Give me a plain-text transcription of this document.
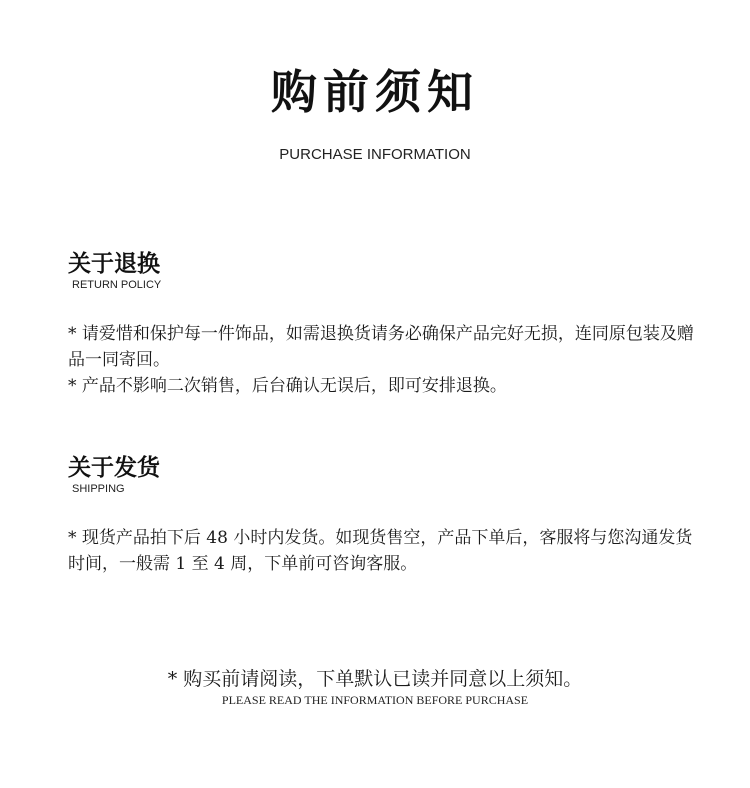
购前须知
PURCHASE INFORMATION
关于退换
RETURN POLICY

* 请爱惜和保护每一件饰品，如需退换货请务必确保产品完好无损，连同原包装及赠品一同寄回。

* 产品不影响二次销售，后台确认无误后，即可安排退换。

关于发货
SHIPPING

* 现货产品拍下后 48 小时内发货。如现货售空，产品下单后，客服将与您沟通发货时间，一般需 1 至 4 周，下单前可咨询客服。

* 购买前请阅读，下单默认已读并同意以上须知。
PLEASE READ THE INFORMATION BEFORE PURCHASE
